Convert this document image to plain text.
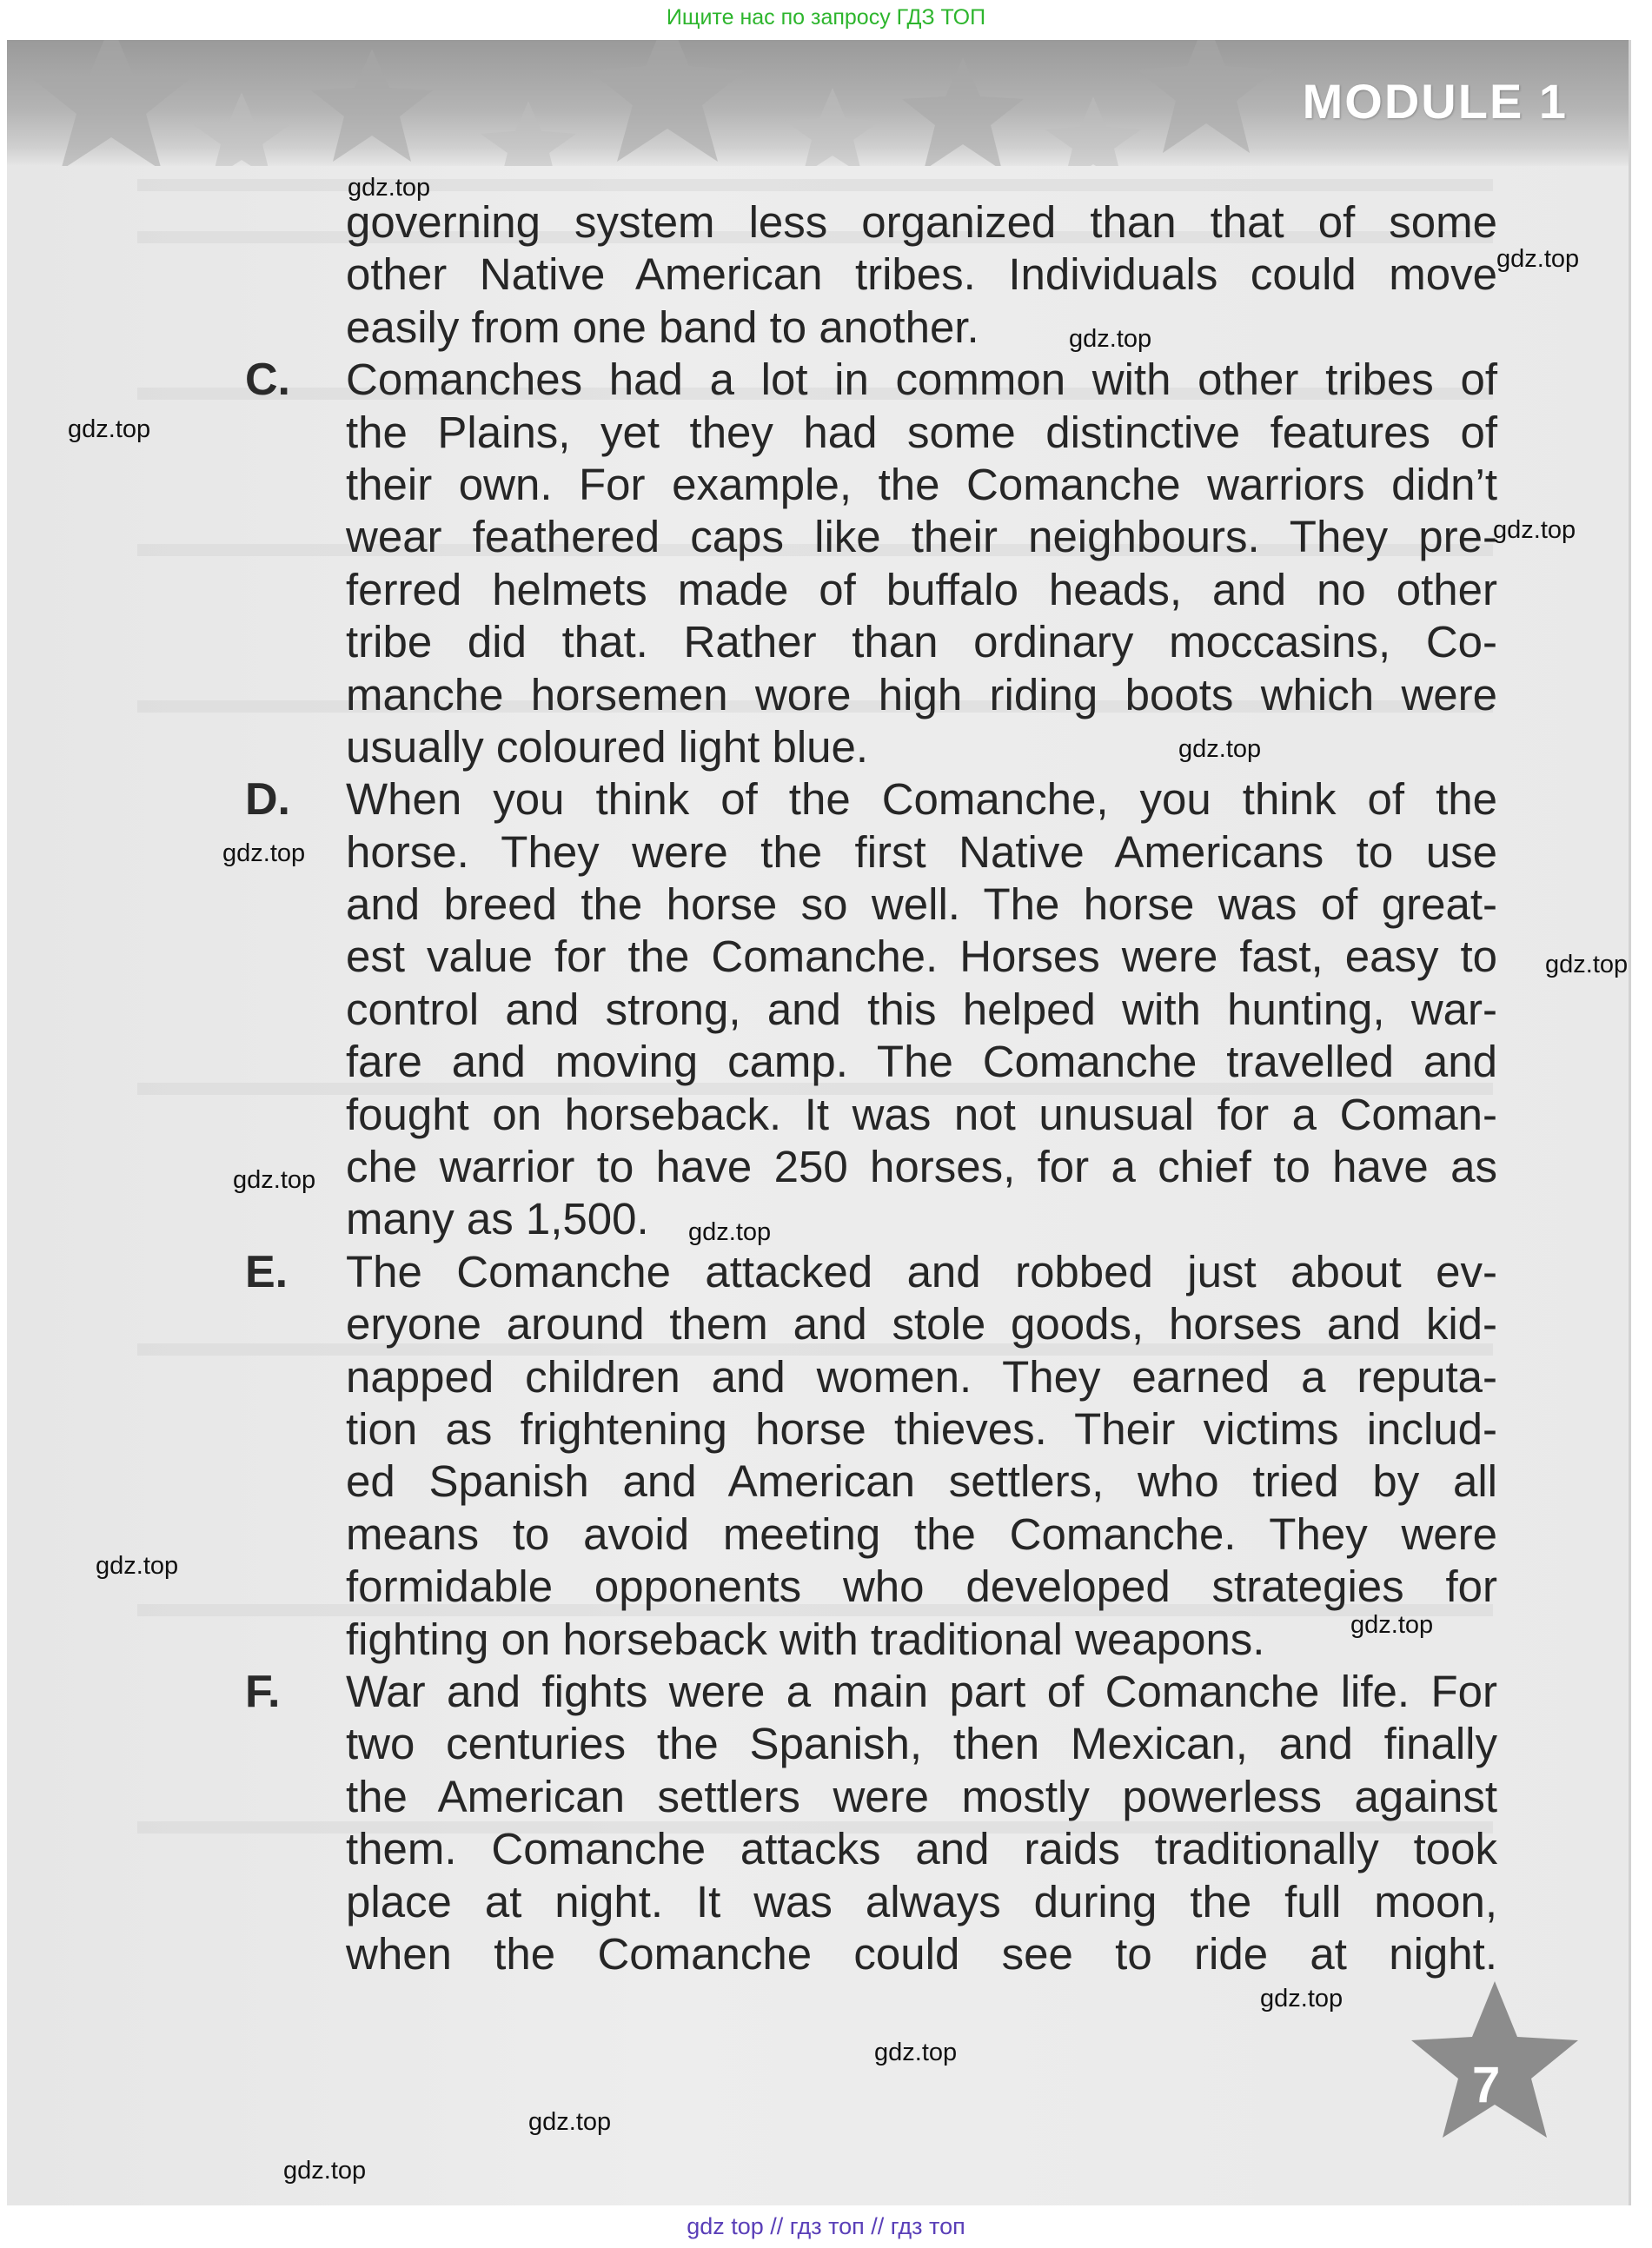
Ищите нас по запросу ГДЗ ТОП
MODULE 1
governing system less organized than that of some
other Native American tribes. Individuals could move
easily from one band to another.
C. Comanches had a lot in common with other tribes of
the Plains, yet they had some distinctive features of
their own. For example, the Comanche warriors didn’t
wear feathered caps like their neighbours. They pre-
ferred helmets made of buffalo heads, and no other
tribe did that. Rather than ordinary moccasins, Co-
manche horsemen wore high riding boots which were
usually coloured light blue.
D. When you think of the Comanche, you think of the
horse. They were the first Native Americans to use
and breed the horse so well. The horse was of great-
est value for the Comanche. Horses were fast, easy to
control and strong, and this helped with hunting, war-
fare and moving camp. The Comanche travelled and
fought on horseback. It was not unusual for a Coman-
che warrior to have 250 horses, for a chief to have as
many as 1,500.
E. The Comanche attacked and robbed just about ev-
eryone around them and stole goods, horses and kid-
napped children and women. They earned a reputa-
tion as frightening horse thieves. Their victims includ-
ed Spanish and American settlers, who tried by all
means to avoid meeting the Comanche. They were
formidable opponents who developed strategies for
fighting on horseback with traditional weapons.
F. War and fights were a main part of Comanche life. For
two centuries the Spanish, then Mexican, and finally
the American settlers were mostly powerless against
them. Comanche attacks and raids traditionally took
place at night. It was always during the full moon,
when the Comanche could see to ride at night.
7
gdz.top
gdz.top
gdz.top
gdz.top
gdz.top
gdz.top
gdz.top
gdz.top
gdz.top
gdz.top
gdz.top
gdz.top
gdz.top
gdz.top
gdz.top
gdz.top
gdz top // гдз топ // гдз топ
